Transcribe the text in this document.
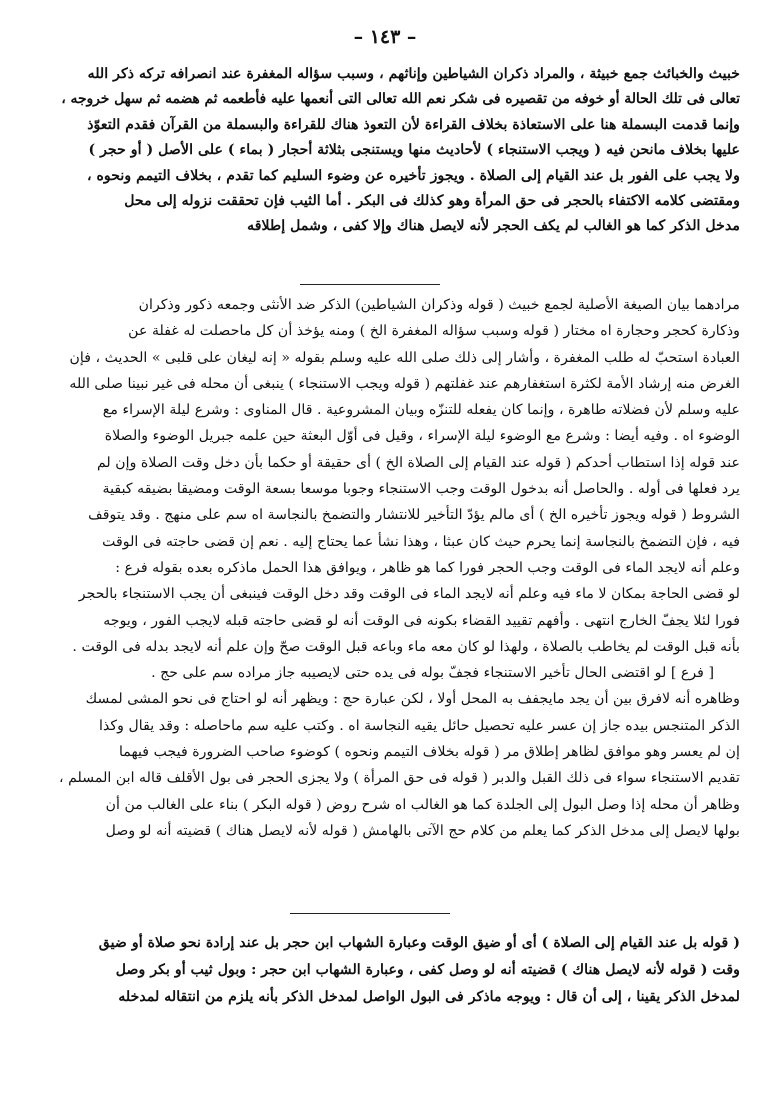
– ١٤٣ –

خبيث والخبائث جمع خبيثة ، والمراد ذكران الشياطين وإناثهم ، وسبب سؤاله المغفرة عند انصرافه تركه ذكر الله

تعالى فى تلك الحالة أو خوفه من تقصيره فى شكر نعم الله تعالى التى أنعمها عليه فأطعمه ثم هضمه ثم سهل خروجه ،

وإنما قدمت البسملة هنا على الاستعاذة بخلاف القراءة لأن التعوذ هناك للقراءة والبسملة من القرآن فقدم التعوّذ

عليها بخلاف مانحن فيه ( ويجب الاستنجاء ) لأحاديث منها ويستنجى بثلاثة أحجار ( بماء ) على الأصل ( أو حجر )

ولا يجب على الفور بل عند القيام إلى الصلاة . ويجوز تأخيره عن وضوء السليم كما تقدم ، بخلاف التيمم ونحوه ،

ومقتضى كلامه الاكتفاء بالحجر فى حق المرأة وهو كذلك فى البكر . أما الثيب فإن تحققت نزوله إلى محل

مدخل الذكر كما هو الغالب لم يكف الحجر لأنه لايصل هناك وإلا كفى ، وشمل إطلاقه

مرادهما بيان الصيغة الأصلية لجمع خبيث ( قوله وذكران الشياطين) الذكر ضد الأنثى وجمعه ذكور وذكران

وذكارة كحجر وحجارة اه مختار ( قوله وسبب سؤاله المغفرة الخ ) ومنه يؤخذ أن كل ماحصلت له غفلة عن

العبادة استحبّ له طلب المغفرة ، وأشار إلى ذلك صلى الله عليه وسلم بقوله « إنه ليغان على قلبى » الحديث ، فإن

الغرض منه إرشاد الأمة لكثرة استغفارهم عند غفلتهم ( قوله ويجب الاستنجاء ) ينبغى أن محله فى غير نبينا صلى الله

عليه وسلم لأن فضلاته طاهرة ، وإنما كان يفعله للتنزّه وبيان المشروعية . قال المناوى : وشرع ليلة الإسراء مع

الوضوء اه . وفيه أيضا : وشرع مع الوضوء ليلة الإسراء ، وقيل فى أوّل البعثة حين علمه جبريل الوضوء والصلاة

عند قوله إذا استطاب أحدكم ( قوله عند القيام إلى الصلاة الخ ) أى حقيقة أو حكما بأن دخل وقت الصلاة وإن لم

يرد فعلها فى أوله . والحاصل أنه بدخول الوقت وجب الاستنجاء وجوبا موسعا بسعة الوقت ومضيقا بضيقه كبقية

الشروط ( قوله ويجوز تأخيره الخ ) أى مالم يؤدّ التأخير للانتشار والتضمخ بالنجاسة اه سم على منهج . وقد يتوقف

فيه ، فإن التضمخ بالنجاسة إنما يحرم حيث كان عبثا ، وهذا نشأ عما يحتاج إليه . نعم إن قضى حاجته فى الوقت

وعلم أنه لايجد الماء فى الوقت وجب الحجر فورا كما هو ظاهر ، ويوافق هذا الحمل ماذكره بعده بقوله فرع :

لو قضى الحاجة بمكان لا ماء فيه وعلم أنه لايجد الماء فى الوقت وقد دخل الوقت فينبغى أن يجب الاستنجاء بالحجر

فورا لئلا يجفّ الخارج انتهى . وأفهم تقييد القضاء بكونه فى الوقت أنه لو قضى حاجته قبله لايجب الفور ، ويوجه

بأنه قبل الوقت لم يخاطب بالصلاة ، ولهذا لو كان معه ماء وباعه قبل الوقت صحّ وإن علم أنه لايجد بدله فى الوقت .

[ فرع ] لو اقتضى الحال تأخير الاستنجاء فجفّ بوله فى يده حتى لايصيبه جاز مراده سم على حج .

وظاهره أنه لافرق بين أن يجد مايجفف به المحل أولا ، لكن عبارة حج : ويظهر أنه لو احتاج فى نحو المشى لمسك

الذكر المتنجس بيده جاز إن عسر عليه تحصيل حائل يقيه النجاسة اه . وكتب عليه سم ماحاصله : وقد يقال وكذا

إن لم يعسر وهو موافق لظاهر إطلاق مر ( قوله بخلاف التيمم ونحوه ) كوضوء صاحب الضرورة فيجب فيهما

تقديم الاستنجاء سواء فى ذلك القبل والدبر ( قوله فى حق المرأة ) ولا يجزى الحجر فى بول الأقلف قاله ابن المسلم ،

وظاهر أن محله إذا وصل البول إلى الجلدة كما هو الغالب اه شرح روض ( قوله البكر ) بناء على الغالب من أن

بولها لايصل إلى مدخل الذكر كما يعلم من كلام حج الآتى بالهامش ( قوله لأنه لايصل هناك ) قضيته أنه لو وصل

( قوله بل عند القيام إلى الصلاة ) أى أو ضيق الوقت وعبارة الشهاب ابن حجر بل عند إرادة نحو صلاة أو ضيق

وقت ( قوله لأنه لايصل هناك ) قضيته أنه لو وصل كفى ، وعبارة الشهاب ابن حجر : وبول ثيب أو بكر وصل

لمدخل الذكر يقينا ، إلى أن قال : ويوجه ماذكر فى البول الواصل لمدخل الذكر بأنه يلزم من انتقاله لمدخله
